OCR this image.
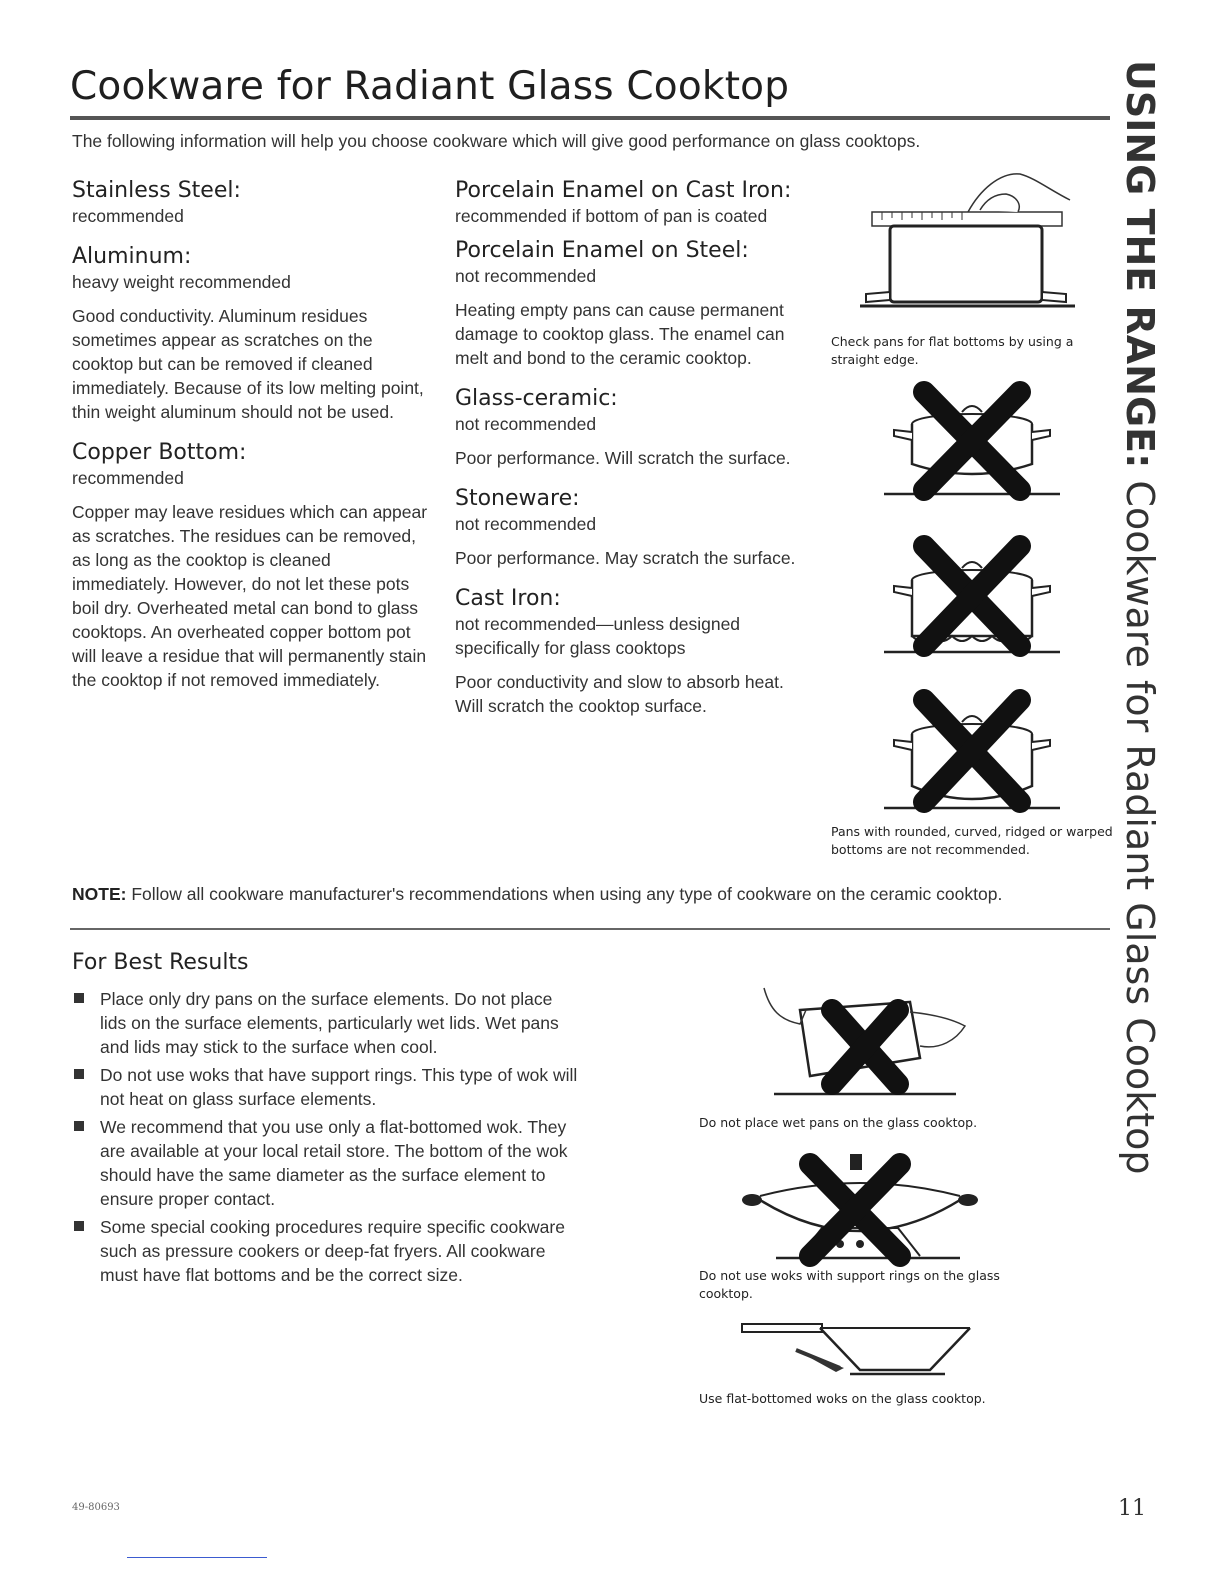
Cookware for Radiant Glass Cooktop
The following information will help you choose cookware which will give good performance on glass cooktops.
Stainless Steel:
recommended
Aluminum:
heavy weight recommended

Good conductivity. Aluminum residues sometimes appear as scratches on the cooktop but can be removed if cleaned immediately. Because of its low melting point, thin weight aluminum should not be used.

Copper Bottom:
recommended

Copper may leave residues which can appear as scratches. The residues can be removed, as long as the cooktop is cleaned immediately. However, do not let these pots boil dry. Overheated metal can bond to glass cooktops. An overheated copper bottom pot will leave a residue that will permanently stain the cooktop if not removed immediately.

Porcelain Enamel on Cast Iron:
recommended if bottom of pan is coated
Porcelain Enamel on Steel:
not recommended

Heating empty pans can cause permanent damage to cooktop glass. The enamel can melt and bond to the ceramic cooktop.

Glass-ceramic:
not recommended

Poor performance. Will scratch the surface.

Stoneware:
not recommended

Poor performance. May scratch the surface.

Cast Iron:
not recommended—unless designed specifically for glass cooktops

Poor conductivity and slow to absorb heat. Will scratch the cooktop surface.

Check pans for flat bottoms by using a straight edge.
Pans with rounded, curved, ridged or warped bottoms are not recommended.
NOTE: Follow all cookware manufacturer's recommendations when using any type of cookware on the ceramic cooktop.
For Best Results
Place only dry pans on the surface elements. Do not place lids on the surface elements, particularly wet lids. Wet pans and lids may stick to the surface when cool.
Do not use woks that have support rings. This type of wok will not heat on glass surface elements.
We recommend that you use only a flat-bottomed wok. They are available at your local retail store. The bottom of the wok should have the same diameter as the surface element to ensure proper contact.
Some special cooking procedures require specific cookware such as pressure cookers or deep-fat fryers. All cookware must have flat bottoms and be the correct size.
Do not place wet pans on the glass cooktop.
Do not use woks with support rings on the glass cooktop.
Use flat-bottomed woks on the glass cooktop.
USING THE RANGE: Cookware for Radiant Glass Cooktop
49-80693	11
